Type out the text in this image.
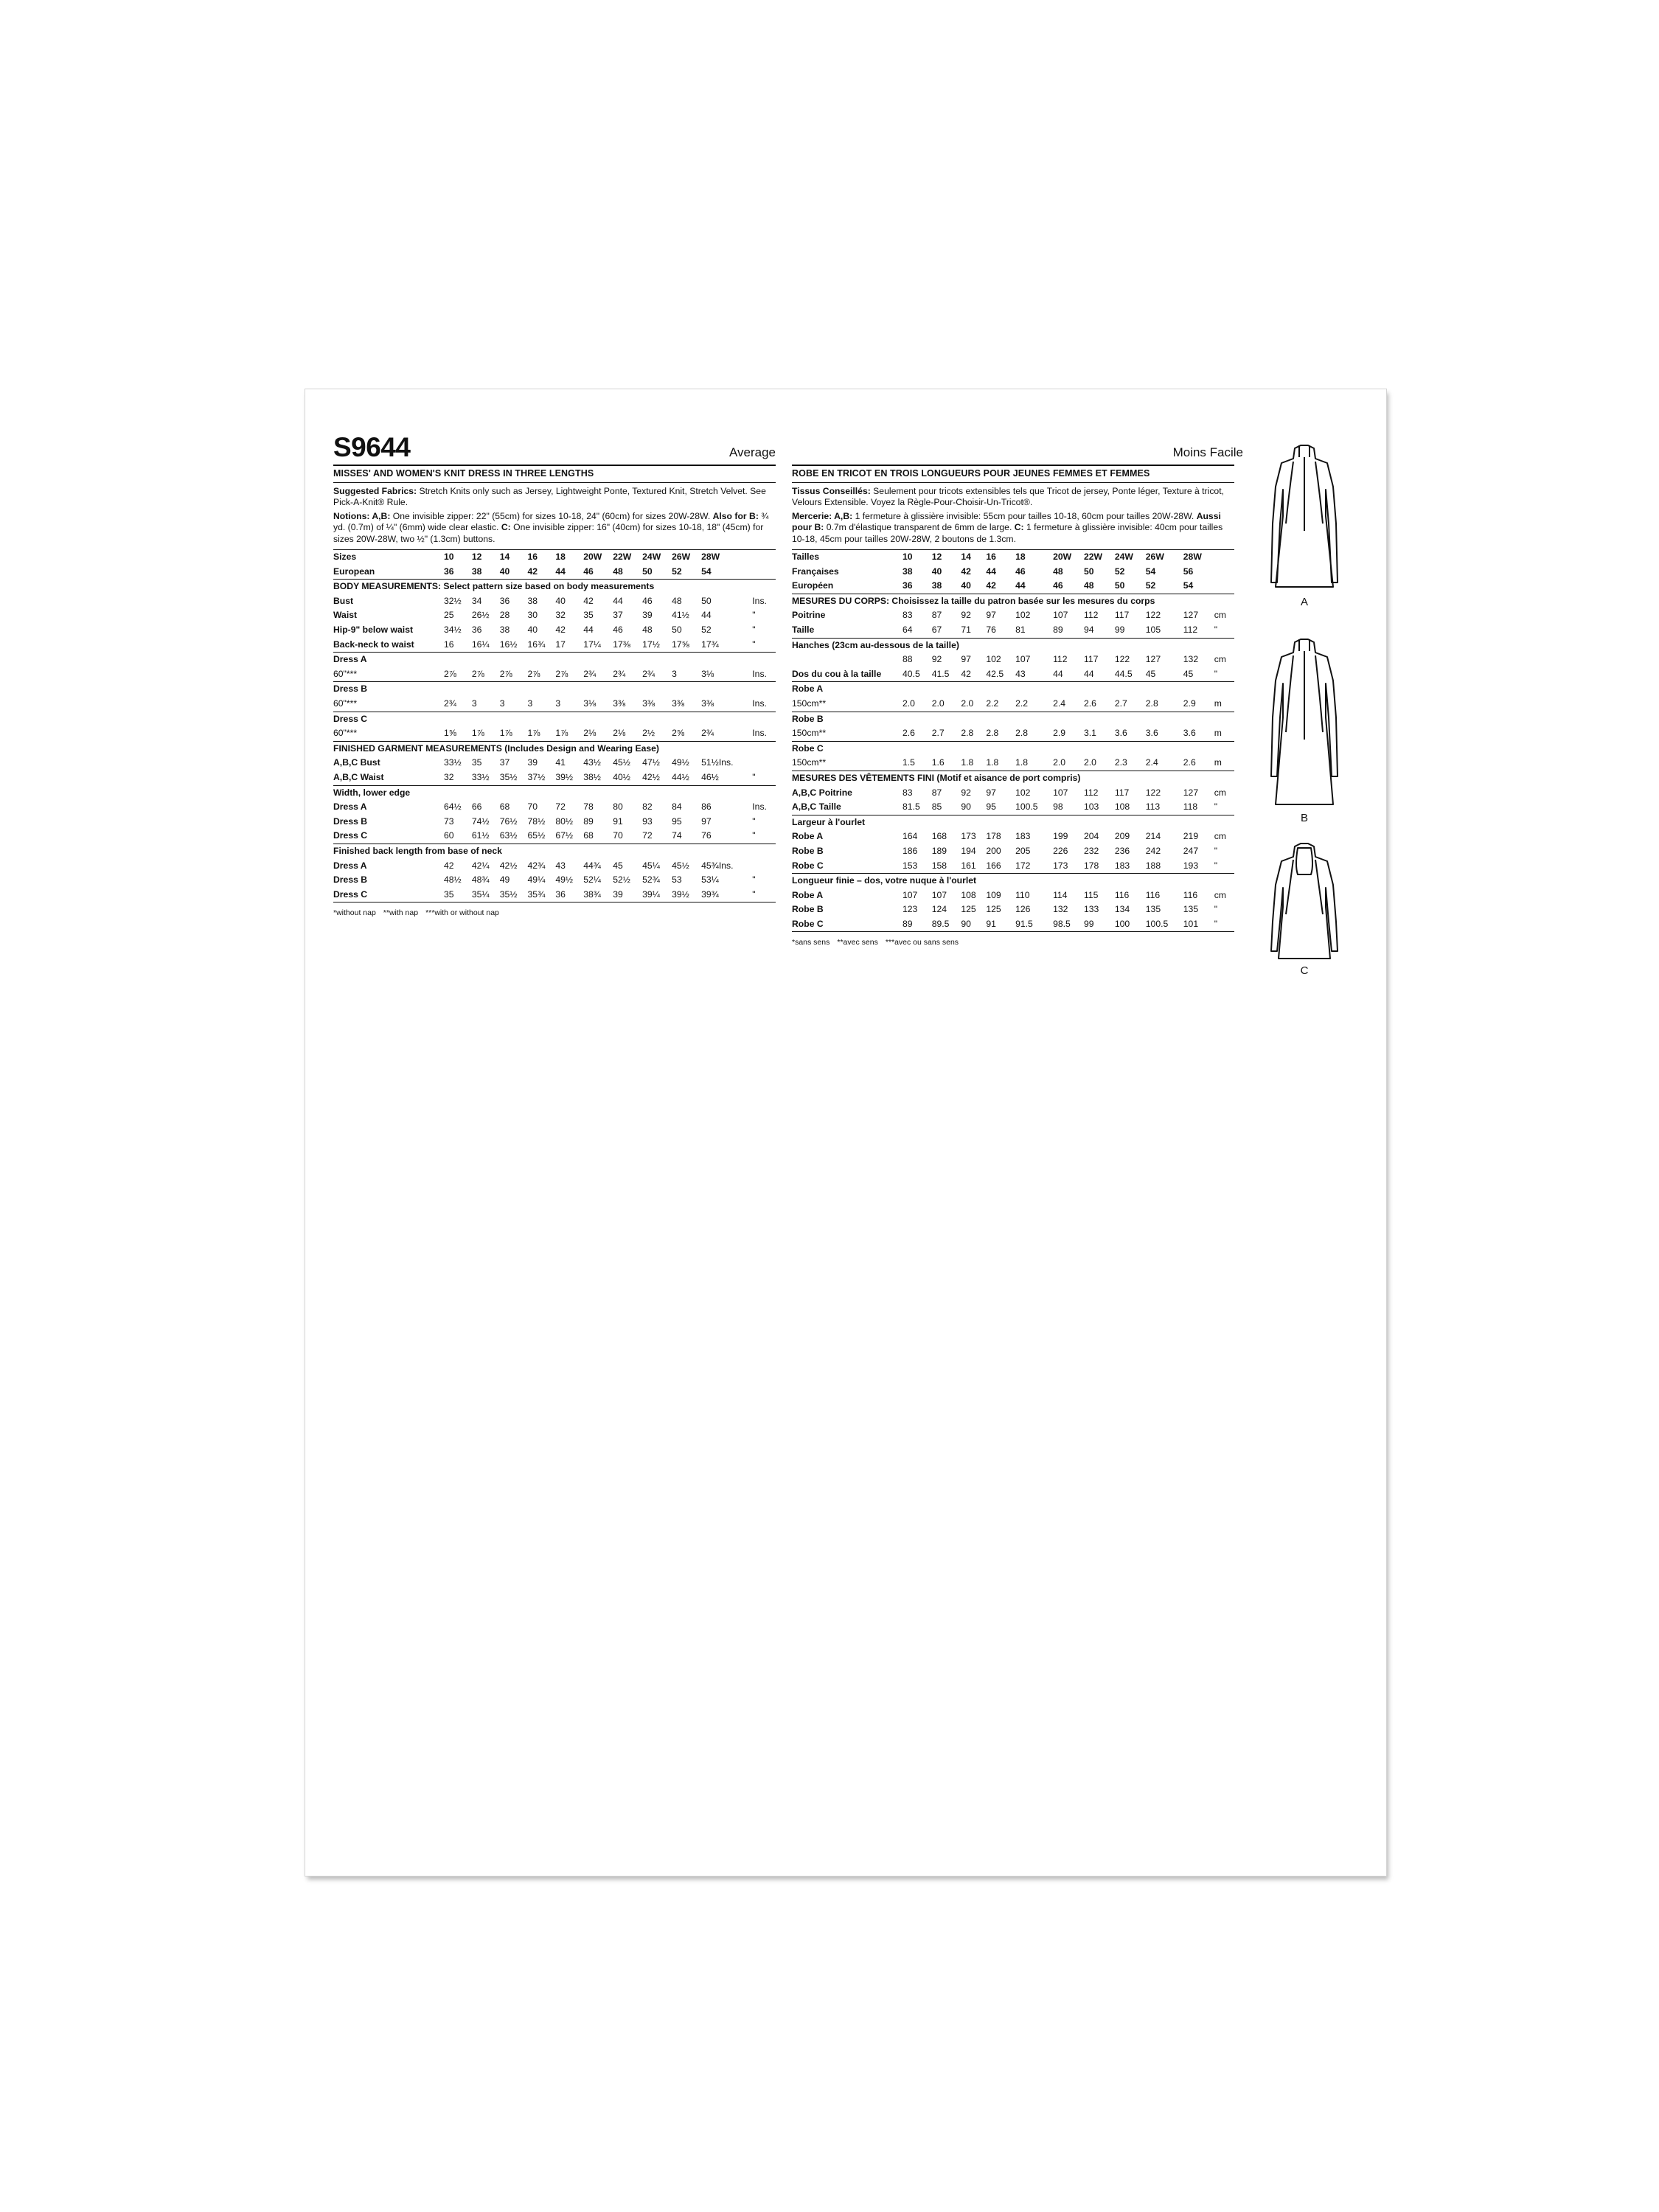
S9644	Average
MISSES' AND WOMEN'S KNIT DRESS IN THREE LENGTHS

Suggested Fabrics: Stretch Knits only such as Jersey, Lightweight Ponte, Textured Knit, Stretch Velvet. See Pick-A-Knit® Rule.

Notions: A,B: One invisible zipper: 22" (55cm) for sizes 10-18, 24" (60cm) for sizes 20W-28W. Also for B: ¾ yd. (0.7m) of ¼" (6mm) wide clear elastic. C: One invisible zipper: 16" (40cm) for sizes 10-18, 18" (45cm) for sizes 20W-28W, two ½" (1.3cm) buttons.

Sizes	10	12	14	16	18	20W	22W	24W	26W	28W	
European	36	38	40	42	44	46	48	50	52	54	
BODY MEASUREMENTS: Select pattern size based on body measurements											
Bust	32½	34	36	38	40	42	44	46	48	50	Ins.
Waist	25	26½	28	30	32	35	37	39	41½	44	"
Hip-9" below waist	34½	36	38	40	42	44	46	48	50	52	"
Back-neck to waist	16	16¼	16½	16¾	17	17¼	17⅜	17½	17⅝	17¾	"
Dress A											
60"***	2⅞	2⅞	2⅞	2⅞	2⅞	2¾	2¾	2¾	3	3⅛	Ins.
Dress B											
60"***	2¾	3	3	3	3	3⅛	3⅜	3⅜	3⅜	3⅜	Ins.
Dress C											
60"***	1⅝	1⅞	1⅞	1⅞	1⅞	2⅛	2⅛	2½	2⅝	2¾	Ins.
FINISHED GARMENT MEASUREMENTS (Includes Design and Wearing Ease)											
A,B,C Bust	33½	35	37	39	41	43½	45½	47½	49½	51½Ins.	
A,B,C Waist	32	33½	35½	37½	39½	38½	40½	42½	44½	46½	"
Width, lower edge											
Dress A	64½	66	68	70	72	78	80	82	84	86	Ins.
Dress B	73	74½	76½	78½	80½	89	91	93	95	97	"
Dress C	60	61½	63½	65½	67½	68	70	72	74	76	"
Finished back length from base of neck											
Dress A	42	42¼	42½	42¾	43	44¾	45	45¼	45½	45¾Ins.	
Dress B	48½	48¾	49	49¼	49½	52¼	52½	52¾	53	53¼	"
Dress C	35	35¼	35½	35¾	36	38¾	39	39¼	39½	39¾	"
*without nap **with nap ***with or without nap
Moins Facile
ROBE EN TRICOT EN TROIS LONGUEURS POUR JEUNES FEMMES ET FEMMES

Tissus Conseillés: Seulement pour tricots extensibles tels que Tricot de jersey, Ponte léger, Texture à tricot, Velours Extensible. Voyez la Règle-Pour-Choisir-Un-Tricot®.

Mercerie: A,B: 1 fermeture à glissière invisible: 55cm pour tailles 10-18, 60cm pour tailles 20W-28W. Aussi pour B: 0.7m d'élastique transparent de 6mm de large. C: 1 fermeture à glissière invisible: 40cm pour tailles 10-18, 45cm pour tailles 20W-28W, 2 boutons de 1.3cm.

Tailles	10	12	14	16	18	20W	22W	24W	26W	28W	
Françaises	38	40	42	44	46	48	50	52	54	56	
Européen	36	38	40	42	44	46	48	50	52	54	
MESURES DU CORPS: Choisissez la taille du patron basée sur les mesures du corps											
Poitrine	83	87	92	97	102	107	112	117	122	127	cm
Taille	64	67	71	76	81	89	94	99	105	112	"
Hanches (23cm au-dessous de la taille)											
	88	92	97	102	107	112	117	122	127	132	cm
Dos du cou à la taille	40.5	41.5	42	42.5	43	44	44	44.5	45	45	"
Robe A											
150cm**	2.0	2.0	2.0	2.2	2.2	2.4	2.6	2.7	2.8	2.9	m
Robe B											
150cm**	2.6	2.7	2.8	2.8	2.8	2.9	3.1	3.6	3.6	3.6	m
Robe C											
150cm**	1.5	1.6	1.8	1.8	1.8	2.0	2.0	2.3	2.4	2.6	m
MESURES DES VÊTEMENTS FINI (Motif et aisance de port compris)											
A,B,C Poitrine	83	87	92	97	102	107	112	117	122	127	cm
A,B,C Taille	81.5	85	90	95	100.5	98	103	108	113	118	"
Largeur à l'ourlet											
Robe A	164	168	173	178	183	199	204	209	214	219	cm
Robe B	186	189	194	200	205	226	232	236	242	247	"
Robe C	153	158	161	166	172	173	178	183	188	193	"
Longueur finie – dos, votre nuque à l'ourlet											
Robe A	107	107	108	109	110	114	115	116	116	116	cm
Robe B	123	124	125	125	126	132	133	134	135	135	"
Robe C	89	89.5	90	91	91.5	98.5	99	100	100.5	101	"
*sans sens **avec sens ***avec ou sans sens
A
B
C
